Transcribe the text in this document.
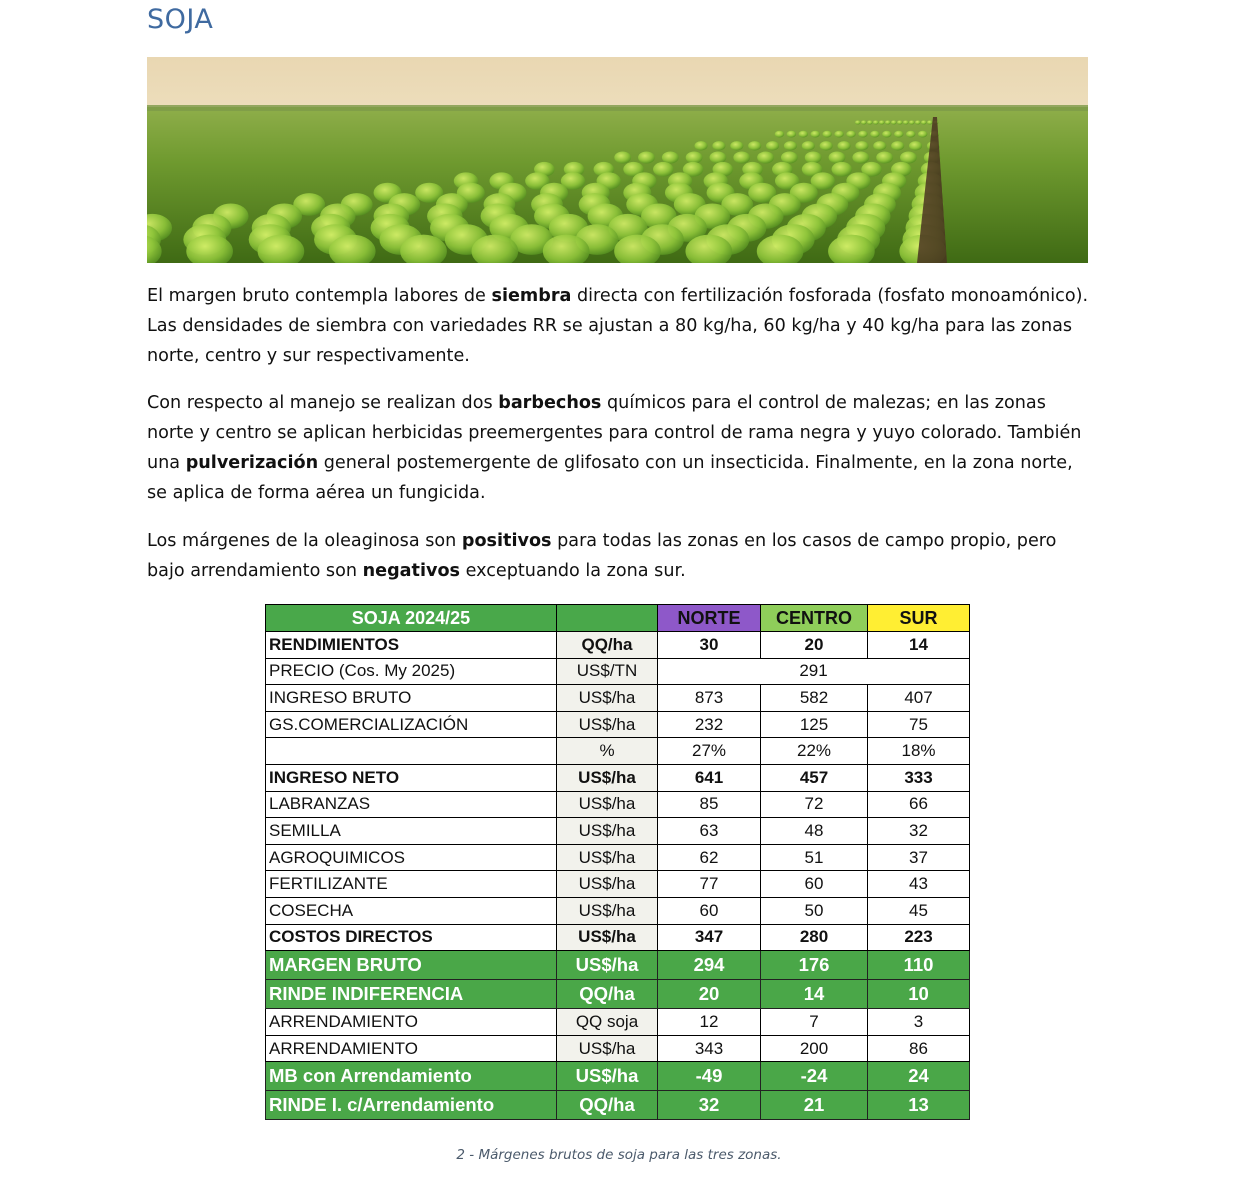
SOJA
El margen bruto contempla labores de siembra directa con fertilización fosforada (fosfato monoamónico). Las densidades de siembra con variedades RR se ajustan a 80 kg/ha, 60 kg/ha y 40 kg/ha para las zonas norte, centro y sur respectivamente.
Con respecto al manejo se realizan dos barbechos químicos para el control de malezas; en las zonas norte y centro se aplican herbicidas preemergentes para control de rama negra y yuyo colorado. También una pulverización general postemergente de glifosato con un insecticida. Finalmente, en la zona norte, se aplica de forma aérea un fungicida.
Los márgenes de la oleaginosa son positivos para todas las zonas en los casos de campo propio, pero bajo arrendamiento son negativos exceptuando la zona sur.
SOJA 2024/25		NORTE	CENTRO	SUR
RENDIMIENTOS	QQ/ha	30	20	14
PRECIO (Cos. My 2025)	US$/TN	291		
INGRESO BRUTO	US$/ha	873	582	407
GS.COMERCIALIZACIÓN	US$/ha	232	125	75
	%	27%	22%	18%
INGRESO NETO	US$/ha	641	457	333
LABRANZAS	US$/ha	85	72	66
SEMILLA	US$/ha	63	48	32
AGROQUIMICOS	US$/ha	62	51	37
FERTILIZANTE	US$/ha	77	60	43
COSECHA	US$/ha	60	50	45
COSTOS DIRECTOS	US$/ha	347	280	223
MARGEN BRUTO	US$/ha	294	176	110
RINDE INDIFERENCIA	QQ/ha	20	14	10
ARRENDAMIENTO	QQ soja	12	7	3
ARRENDAMIENTO	US$/ha	343	200	86
MB con Arrendamiento	US$/ha	-49	-24	24
RINDE I. c/Arrendamiento	QQ/ha	32	21	13
2 - Márgenes brutos de soja para las tres zonas.
